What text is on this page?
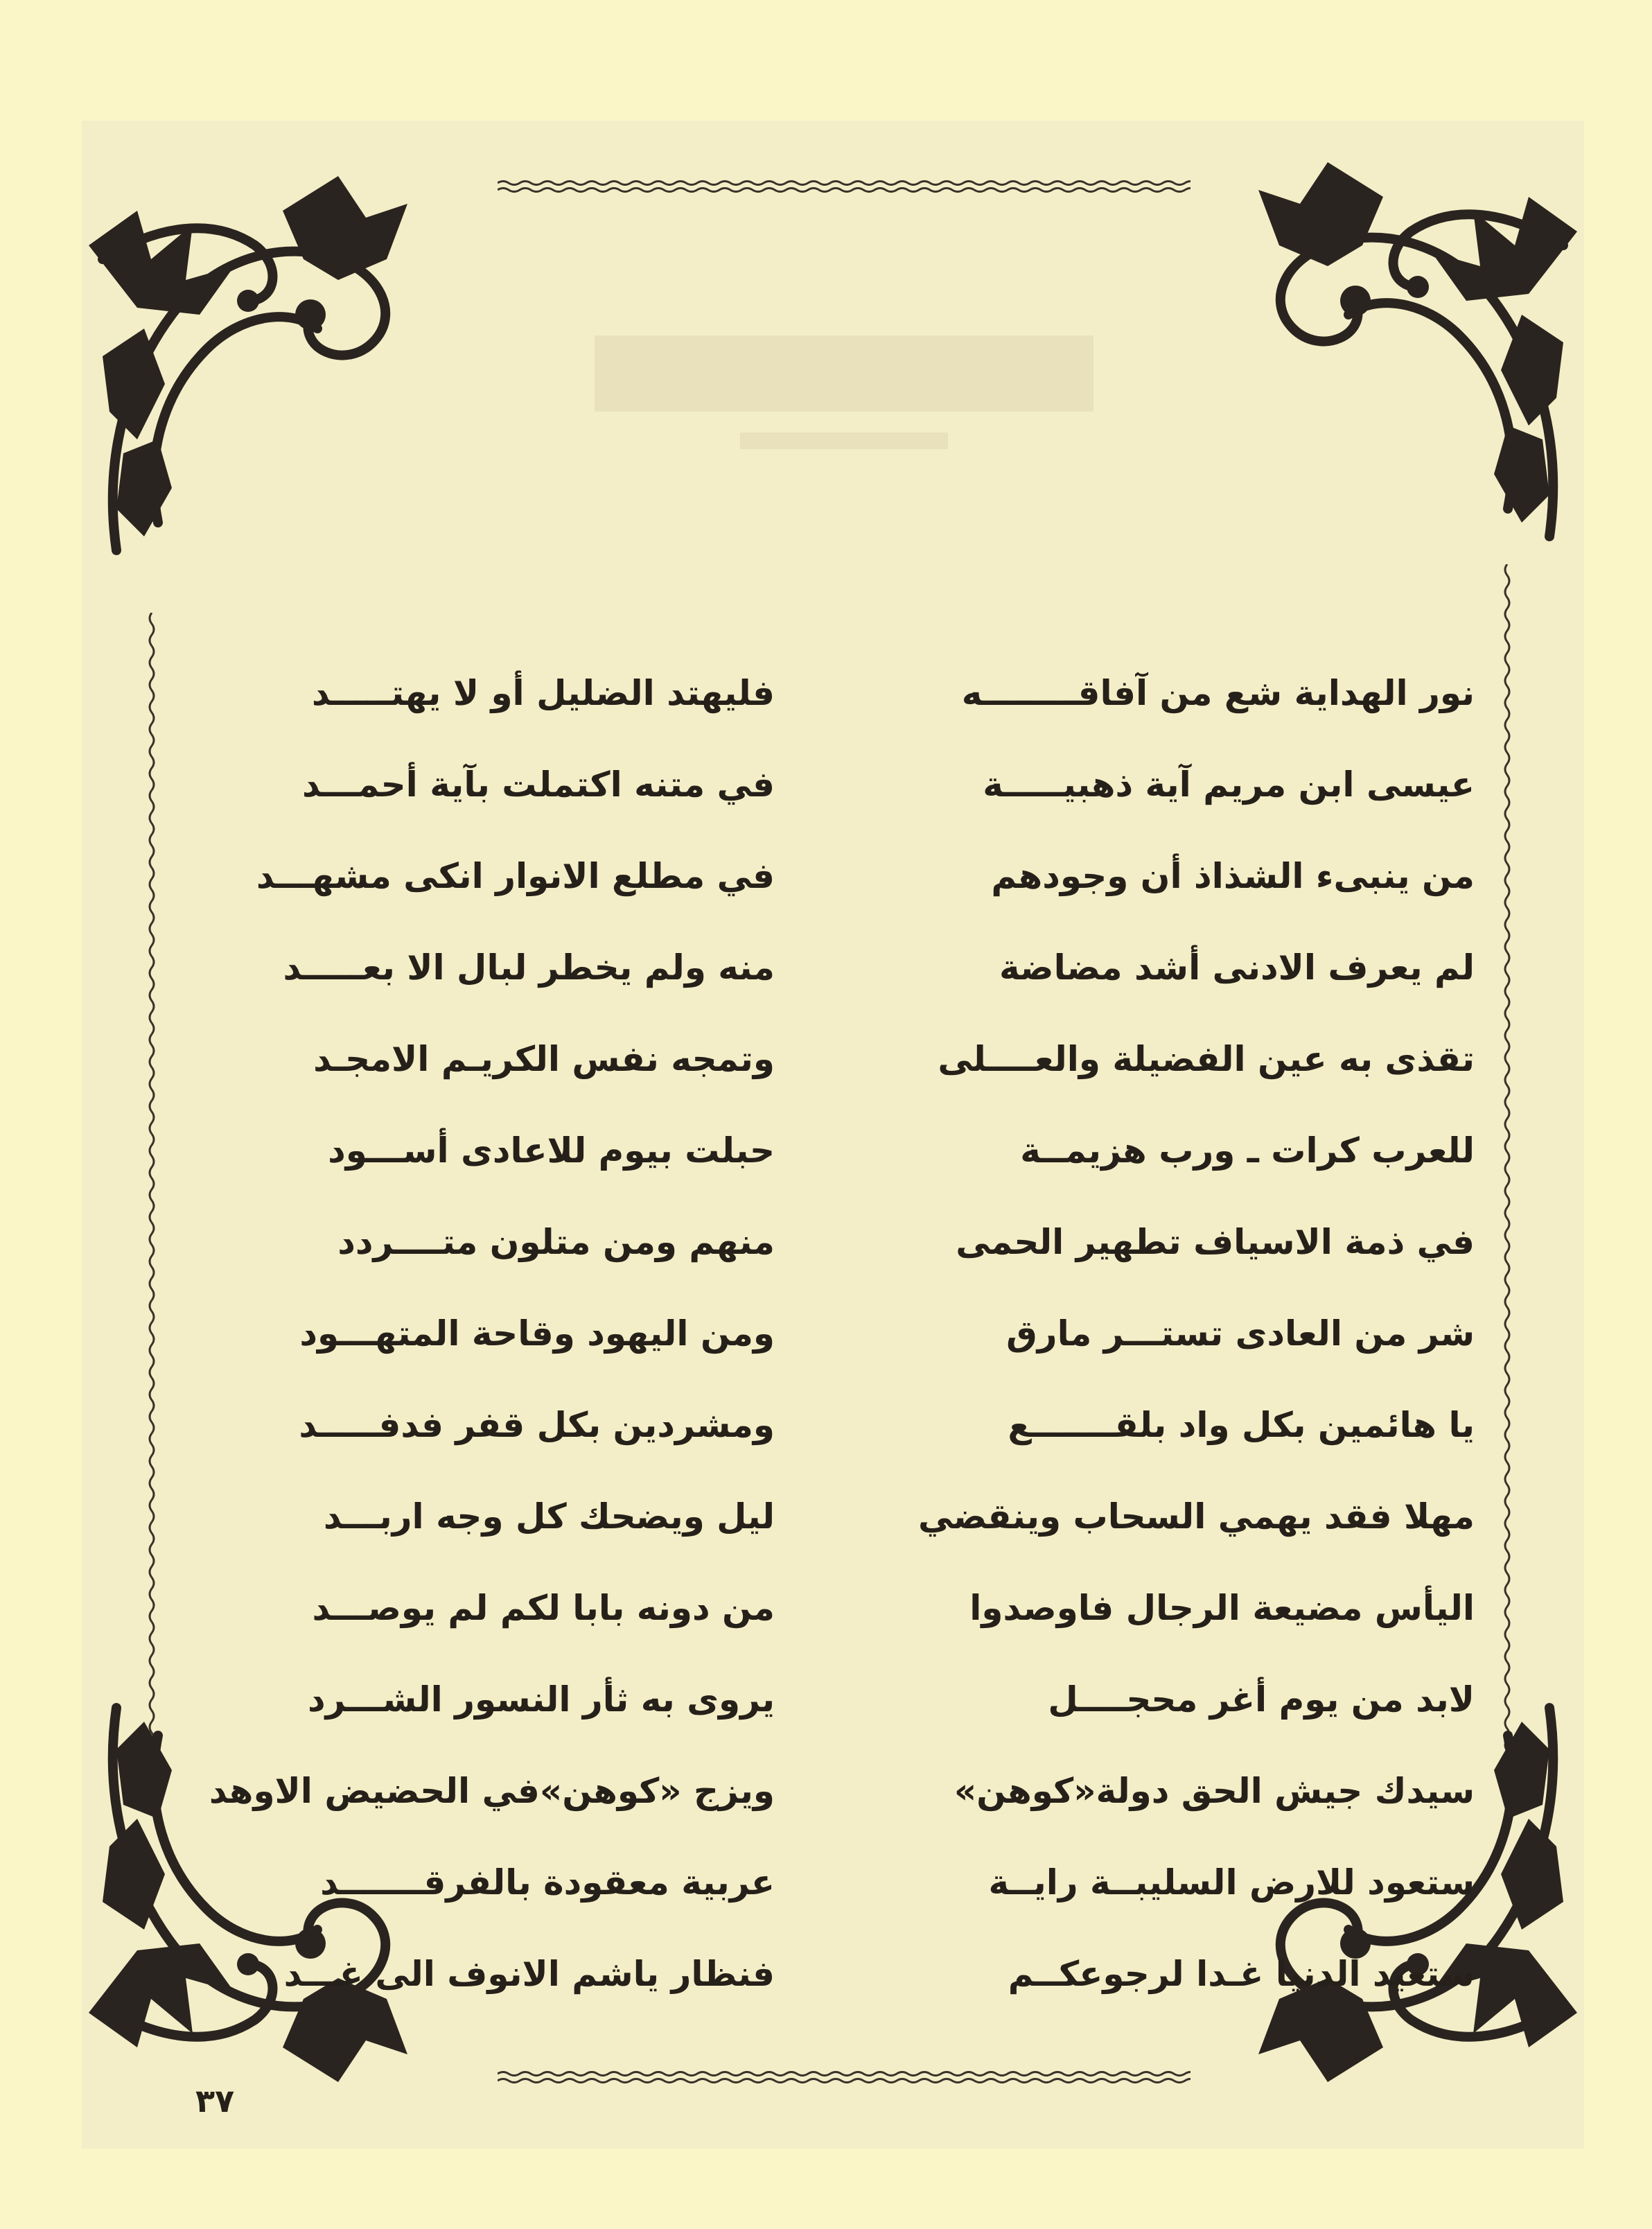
نور الهداية شع من آفاقــــــــه
فليهتد الضليل أو لا يهتـــــد
عيسى ابن مريم آية ذهبيـــــة
في متنه اكتملت بآية أحمـــد
من ينبىء الشذاذ أن وجودهم
في مطلع الانوار انكى مشهـــد
لم يعرف الادنى أشد مضاضة
منه ولم يخطر لبال الا بعـــــد
تقذى به عين الفضيلة والعــــلى
وتمجه نفس الكريـم الامجـد
للعرب كرات ـ ورب هزيمــة
حبلت بيوم للاعادى أســـود
في ذمة الاسياف تطهير الحمى
منهم ومن متلون متــــردد
شر من العادى تستـــر مارق
ومن اليهود وقاحة المتهـــود
يا هائمين بكل واد بلقـــــــع
ومشردين بكل قفر فدفـــــد
مهلا فقد يهمي السحاب وينقضي
ليل ويضحك كل وجه اربـــد
اليأس مضيعة الرجال فاوصدوا
من دونه بابا لكم لم يوصـــد
لابد من يوم أغر محجــــل
يروى به ثأر النسور الشـــرد
سيدك جيش الحق دولة«كوهن»
ويزج «كوهن»في الحضيض الاوهد
ستعود للارض السليبــة رايــة
عربية معقودة بالفرقـــــــد
ستعيد الدنيا غـدا لرجوعكــم
فنظار ياشم الانوف الى غـــد
٣٧
